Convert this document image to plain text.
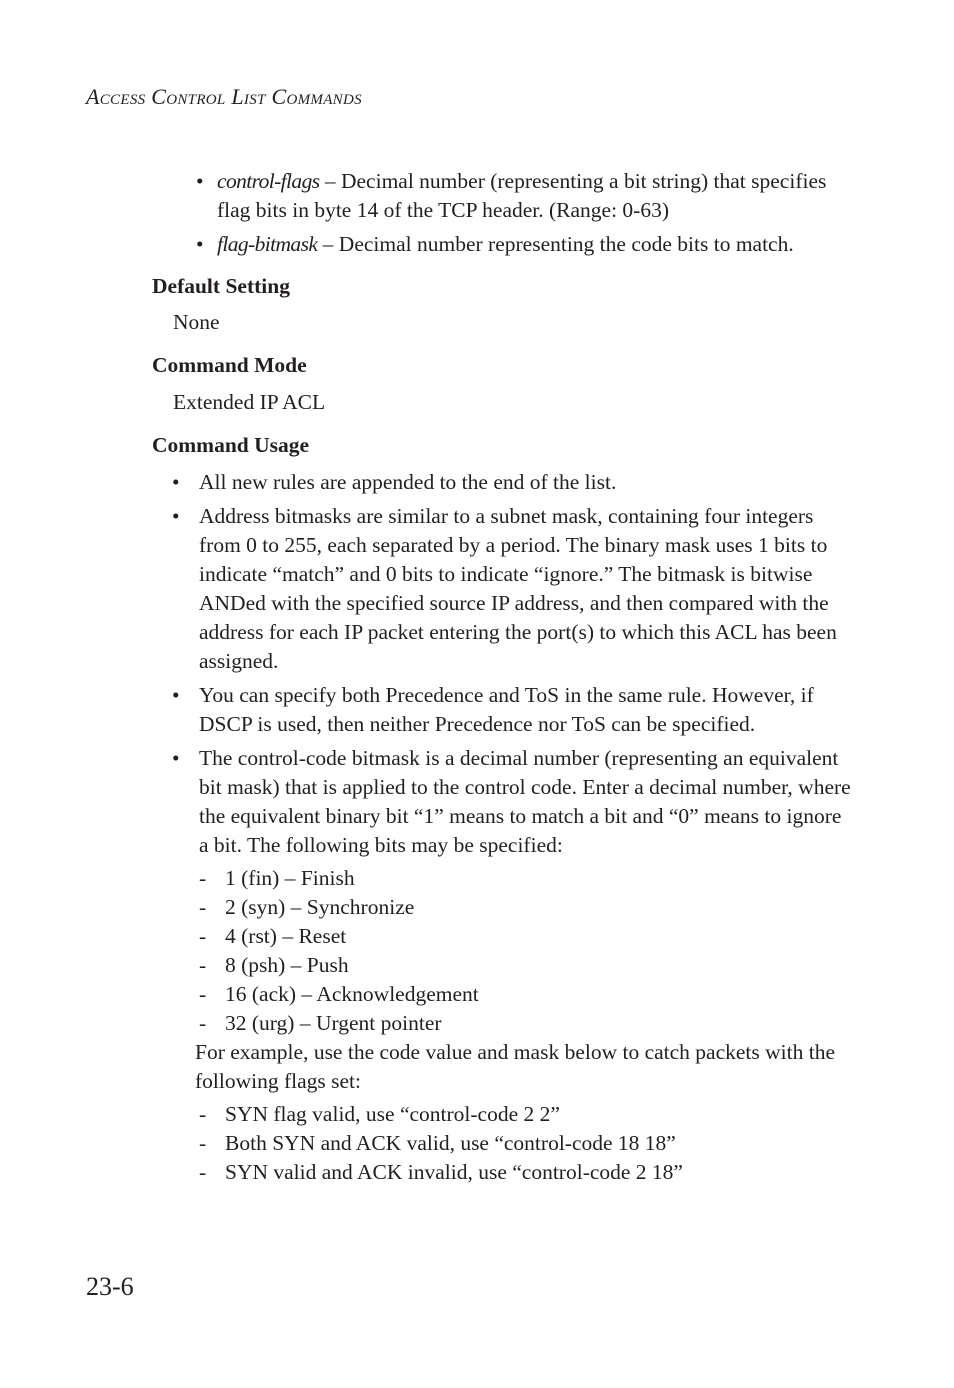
ACCESS CONTROL LIST COMMANDS
• control-flags – Decimal number (representing a bit string) that specifies flag bits in byte 14 of the TCP header. (Range: 0-63)
• flag-bitmask – Decimal number representing the code bits to match.
Default Setting
None
Command Mode
Extended IP ACL
Command Usage
• All new rules are appended to the end of the list.
• Address bitmasks are similar to a subnet mask, containing four integers from 0 to 255, each separated by a period. The binary mask uses 1 bits to indicate “match” and 0 bits to indicate “ignore.” The bitmask is bitwise ANDed with the specified source IP address, and then compared with the address for each IP packet entering the port(s) to which this ACL has been assigned.
• You can specify both Precedence and ToS in the same rule. However, if   DSCP is used, then neither Precedence nor ToS can be specified.
• The control-code bitmask is a decimal number (representing an equivalent bit mask) that is applied to the control code. Enter a decimal number, where the equivalent binary bit “1” means to match a bit and “0” means to ignore a bit. The following bits may be specified:
- 1 (fin) – Finish
- 2 (syn) – Synchronize
- 4 (rst) – Reset
- 8 (psh) – Push
- 16 (ack) – Acknowledgement
- 32 (urg) – Urgent pointer
For example, use the code value and mask below to catch packets with the following flags set:
- SYN flag valid, use “control-code 2 2”
- Both SYN and ACK valid, use “control-code 18 18”
- SYN valid and ACK invalid, use “control-code 2 18”
23-6
